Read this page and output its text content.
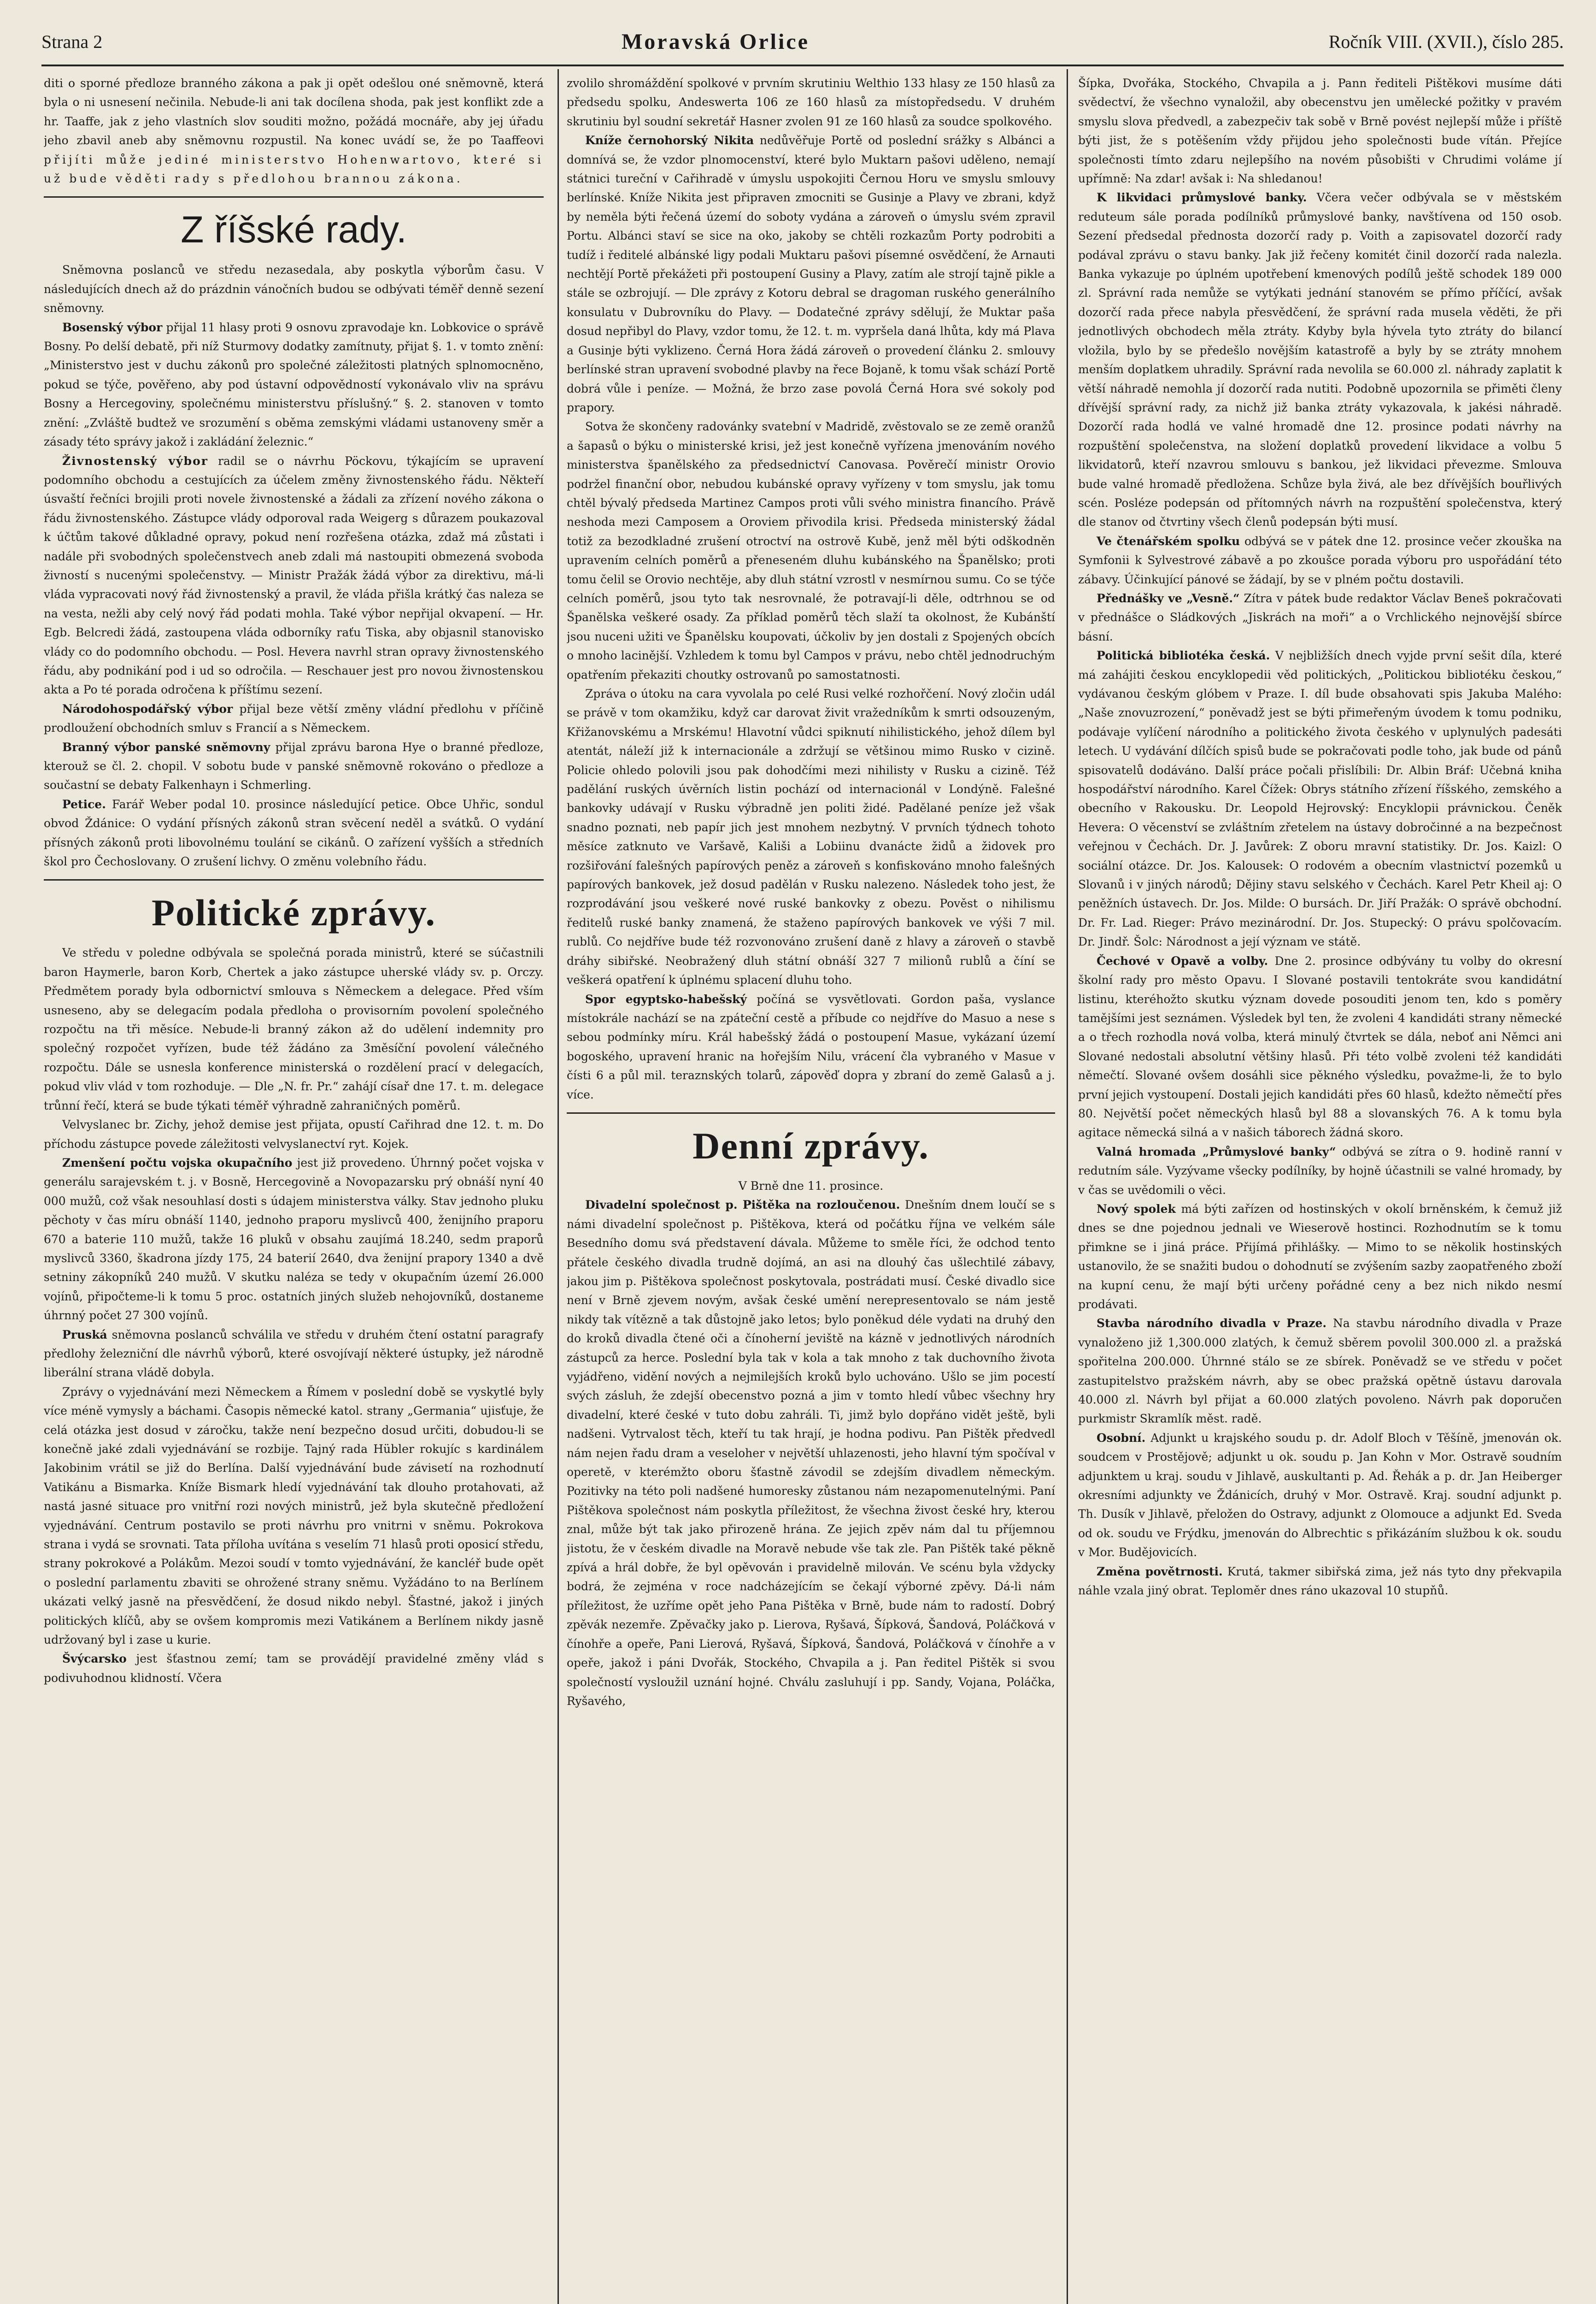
Strana 2	Moravská Orlice	Ročník VIII. (XVII.), číslo 285.

diti o sporné předloze branného zákona a pak ji opět odešlou oné sněmovně, která byla o ni usnesení nečinila. Nebude-li ani tak docílena shoda, pak jest konflikt zde a hr. Taaffe, jak z jeho vlastních slov souditi možno, požádá mocnáře, aby jej úřadu jeho zbavil aneb aby sněmovnu rozpustil. Na konec uvádí se, že po Taaffeovi přijíti může jediné ministerstvo Hohenwartovo, které si už bude věděti rady s předlohou brannou zákona.

Z říšské rady.

Sněmovna poslanců ve středu nezasedala, aby poskytla výborům času. V následujících dnech až do prázdnin vánočních budou se odbývati téměř denně sezení sněmovny.

Bosenský výbor přijal 11 hlasy proti 9 osnovu zpravodaje kn. Lobkovice o správě Bosny. Po delší debatě, při níž Sturmovy dodatky zamítnuty, přijat §. 1. v tomto znění: „Ministerstvo jest v duchu zákonů pro společné záležitosti platných splnomocněno, pokud se týče, pověřeno, aby pod ústavní odpovědností vykonávalo vliv na správu Bosny a Hercegoviny, společnému ministerstvu příslušný.“ §. 2. stanoven v tomto znění: „Zvláště budtež ve srozumění s oběma zemskými vládami ustanoveny směr a zásady této správy jakož i zakládání železnic.“

Živnostenský výbor radil se o návrhu Pöckovu, týkajícím se upravení podomního obchodu a cestujících za účelem změny živnostenského řádu. Někteří úsvaští řečníci brojili proti novele živnostenské a žádali za zřízení nového zákona o řádu živnostenského. Zástupce vlády odporoval rada Weigerg s důrazem poukazoval k účtům takové důkladné opravy, pokud není rozřešena otázka, zdaž má zůstati i nadále při svobodných společenstvech aneb zdali má nastoupiti obmezená svoboda živností s nucenými společenstvy. — Ministr Pražák žádá výbor za direktivu, má-li vláda vypracovati nový řád živnostenský a pravil, že vláda přišla krátký čas naleza se na vesta, nežli aby celý nový řád podati mohla. Také výbor nepřijal okvapení. — Hr. Egb. Belcredi žádá, zastoupena vláda odborníky raťu Tiska, aby objasnil stanovisko vlády co do podomního obchodu. — Posl. Hevera navrhl stran opravy živnostenského řádu, aby podnikání pod i ud so odročila. — Reschauer jest pro novou živnostenskou akta a Po té porada odročena k příštímu sezení.

Národohospodářský výbor přijal beze větší změny vládní předlohu v příčině prodloužení obchodních smluv s Francií a s Německem.

Branný výbor panské sněmovny přijal zprávu barona Hye o branné předloze, kterouž se čl. 2. chopil. V sobotu bude v panské sněmovně rokováno o předloze a součastní se debaty Falkenhayn i Schmerling.

Petice. Farář Weber podal 10. prosince následující petice. Obce Uhřic, sondul obvod Ždánice: O vydání přísných zákonů stran svěcení neděl a svátků. O vydání přísných zákonů proti libovolnému toulání se cikánů. O zařízení vyšších a středních škol pro Čechoslovany. O zrušení lichvy. O změnu volebního řádu.

Politické zprávy.

Ve středu v poledne odbývala se společná porada ministrů, které se súčastnili baron Haymerle, baron Korb, Chertek a jako zástupce uherské vlády sv. p. Orczy. Předmětem porady byla odbornictví smlouva s Německem a delegace. Před vším usneseno, aby se delegacím podala předloha o provisorním povolení společného rozpočtu na tři měsíce. Nebude-li branný zákon až do udělení indemnity pro společný rozpočet vyřízen, bude též žádáno za 3měsíční povolení válečného rozpočtu. Dále se usnesla konference ministerská o rozdělení prací v delegacích, pokud vliv vlád v tom rozhoduje. — Dle „N. fr. Pr.“ zahájí císař dne 17. t. m. delegace trůnní řečí, která se bude týkati téměř výhradně zahraničných poměrů.

Velvyslanec br. Zichy, jehož demise jest přijata, opustí Cařihrad dne 12. t. m. Do příchodu zástupce povede záležitosti velvyslanectví ryt. Kojek.

Zmenšení počtu vojska okupačního jest již provedeno. Úhrnný počet vojska v generálu sarajevském t. j. v Bosně, Hercegovině a Novopazarsku prý obnáší nyní 40 000 mužů, což však nesouhlasí dosti s údajem ministerstva války. Stav jednoho pluku pěchoty v čas míru obnáší 1140, jednoho praporu myslivců 400, ženijního praporu 670 a baterie 110 mužů, takže 16 pluků v obsahu zaujímá 18.240, sedm praporů myslivců 3360, škadrona jízdy 175, 24 baterií 2640, dva ženijní prapory 1340 a dvě setniny zákopníků 240 mužů. V skutku naléza se tedy v okupačním území 26.000 vojínů, připočteme-li k tomu 5 proc. ostatních jiných služeb nehojovníků, dostaneme úhrnný počet 27 300 vojínů.

Pruská sněmovna poslanců schválila ve středu v druhém čtení ostatní paragrafy předlohy železniční dle návrhů výborů, které osvojívají některé ústupky, jež národně liberální strana vládě dobyla.

Zprávy o vyjednávání mezi Německem a Římem v poslední době se vyskytlé byly více méně vymysly a báchami. Časopis německé katol. strany „Germania“ ujisťuje, že celá otázka jest dosud v záročku, takže není bezpečno dosud určiti, dobudou-li se konečně jaké zdali vyjednávání se rozbije. Tajný rada Hübler rokujíc s kardinálem Jakobinim vrátil se již do Berlína. Další vyjednávání bude závisetí na rozhodnutí Vatikánu a Bismarka. Kníže Bismark hledí vyjednávání tak dlouho protahovati, až nastá jasné situace pro vnitřní rozi nových ministrů, jež byla skutečně předložení vyjednávání. Centrum postavilo se proti návrhu pro vnitrni v sněmu. Pokrokova strana i vydá se srovnati. Tata příloha uvítána s veselím 71 hlasů proti oposicí středu, strany pokrokové a Polákům. Mezoi soudí v tomto vyjednávání, že kancléř bude opět o poslední parlamentu zbaviti se ohrožené strany sněmu. Vyžádáno to na Berlínem ukázati velký jasně na přesvědčení, že dosud nikdo nebyl. Šťastné, jakož i jiných politických klíčů, aby se ovšem kompromis mezi Vatikánem a Berlínem nikdy jasně udržovaný byl i zase u kurie.

Švýcarsko jest šťastnou zemí; tam se provádějí pravidelné změny vlád s podivuhodnou klidností. Včera

zvolilo shromáždění spolkové v prvním skrutiniu Welthio 133 hlasy ze 150 hlasů za předsedu spolku, Andeswerta 106 ze 160 hlasů za místopředsedu. V druhém skrutiniu byl soudní sekretář Hasner zvolen 91 ze 160 hlasů za soudce spolkového.

Kníže černohorský Nikita nedůvěřuje Portě od poslední srážky s Albánci a domnívá se, že vzdor plnomocenství, které bylo Muktarn pašovi uděleno, nemají státnici tureční v Cařihradě v úmyslu uspokojiti Černou Horu ve smyslu smlouvy berlínské. Kníže Nikita jest připraven zmocniti se Gusinje a Plavy ve zbrani, když by neměla býti řečená území do soboty vydána a zároveň o úmyslu svém zpravil Portu. Albánci staví se sice na oko, jakoby se chtěli rozkazům Porty podrobiti a tudíž i ředitelé albánské ligy podali Muktaru pašovi písemné osvědčení, že Arnauti nechtějí Portě překážeti při postoupení Gusiny a Plavy, zatím ale strojí tajně pikle a stále se ozbrojují. — Dle zprávy z Kotoru debral se dragoman ruského generálního konsulatu v Dubrovníku do Plavy. — Dodatečné zprávy sdělují, že Muktar paša dosud nepřibyl do Plavy, vzdor tomu, že 12. t. m. vypršela daná lhůta, kdy má Plava a Gusinje býti vyklizeno. Černá Hora žádá zároveň o provedení článku 2. smlouvy berlínské stran upravení svobodné plavby na řece Bojaně, k tomu však schází Portě dobrá vůle i peníze. — Možná, že brzo zase povolá Černá Hora své sokoly pod prapory.

Sotva že skončeny radovánky svatební v Madridě, zvěstovalo se ze země oranžů a šapasů o býku o ministerské krisi, jež jest konečně vyřízena jmenováním nového ministerstva španělského za předsednictví Canovasa. Pověrečí ministr Orovio podržel finanční obor, nebudou kubánské opravy vyřízeny v tom smyslu, jak tomu chtěl bývalý předseda Martinez Campos proti vůli svého ministra financího. Právě neshoda mezi Camposem a Oroviem přivodila krisi. Předseda ministerský žádal totiž za bezodkladné zrušení otroctví na ostrově Kubě, jenž měl býti odškodněn upravením celních poměrů a přeneseném dluhu kubánského na Španělsko; proti tomu čelil se Orovio nechtěje, aby dluh státní vzrostl v nesmírnou sumu. Co se týče celních poměrů, jsou tyto tak nesrovnalé, že potravají-li děle, odtrhnou se od Španělska veškeré osady. Za příklad poměrů těch slaží ta okolnost, že Kubánští jsou nuceni užiti ve Španělsku koupovati, účkoliv by jen dostali z Spojených obcích o mnoho lacinější. Vzhledem k tomu byl Campos v právu, nebo chtěl jednodruchým opatřením překaziti choutky ostrovanů po samostatnosti.

Zpráva o útoku na cara vyvolala po celé Rusi velké rozhořčení. Nový zločin udál se právě v tom okamžiku, když car darovat živit vražedníkům k smrti odsouzeným, Křižanovskému a Mrskému! Hlavotní vůdci spiknutí nihilistického, jehož dílem byl atentát, náleží již k internacionále a zdržují se většinou mimo Rusko v cizině. Policie ohledo polovili jsou pak dohodčími mezi nihilisty v Rusku a cizině. Též padělání ruských úvěrních listin pochází od internacionál v Londýně. Falešné bankovky udávají v Rusku výbradně jen politi židé. Padělané peníze jež však snadno poznati, neb papír jich jest mnohem nezbytný. V prvních týdnech tohoto měsíce zatknuto ve Varšavě, Kališi a Lobiinu dvanácte židů a židovek pro rozšiřování falešných papírových peněz a zároveň s konfiskováno mnoho falešných papírových bankovek, jež dosud padělán v Rusku nalezeno. Následek toho jest, že rozprodávání jsou veškeré nové ruské bankovky z obezu. Pověst o nihilismu ředitelů ruské banky znamená, že staženo papírových bankovek ve výši 7 mil. rublů. Co nejdříve bude též rozvonováno zrušení daně z hlavy a zároveň o stavbě dráhy sibiřské. Neobražený dluh státní obnáší 327 7 milionů rublů a číní se veškerá opatření k úplnému splacení dluhu toho.

Spor egyptsko-habešský počíná se vysvětlovati. Gordon paša, vyslance místokrále nachází se na zpáteční cestě a příbude co nejdříve do Masuo a nese s sebou podmínky míru. Král habešský žádá o postoupení Masue, vykázaní území bogoského, upravení hranic na hořejším Nilu, vrácení čla vybraného v Masue v čísti 6 a půl mil. teraznských tolarů, zápověď dopra y zbraní do země Galasů a j. více.

Denní zprávy.

V Brně dne 11. prosince.

Divadelní společnost p. Pištěka na rozloučenou. Dnešním dnem loučí se s námi divadelní společnost p. Pištěkova, která od počátku října ve velkém sále Besedního domu svá představení dávala. Můžeme to směle říci, že odchod tento přátele českého divadla trudně dojímá, an asi na dlouhý čas ušlechtilé zábavy, jakou jim p. Pištěkova společnost poskytovala, postrádati musí. České divadlo sice není v Brně zjevem novým, avšak české umění nerepresentovalo se nám jestě nikdy tak vítězně a tak důstojně jako letos; bylo poněkud déle vydati na druhý den do kroků divadla čtené oči a čínoherní jeviště na kázně v jednotlivých národních zástupců za herce. Poslední byla tak v kola a tak mnoho z tak duchovního života vyjádřeno, vidění nových a nejmilejších kroků bylo uchováno. Ušlo se jim pocestí svých zásluh, že zdejší obecenstvo pozná a jim v tomto hledí vůbec všechny hry divadelní, které české v tuto dobu zahráli. Ti, jimž bylo dopřáno vidět ještě, byli nadšeni. Vytrvalost těch, kteří tu tak hrají, je hodna podivu. Pan Pištěk předvedl nám nejen řadu dram a veseloher v největší uhlazenosti, jeho hlavní tým spočíval v operetě, v kterémžto oboru šťastně závodil se zdejším divadlem německým. Pozitivky na této poli nadšené humoresky zůstanou nám nezapomenutelnými. Paní Pištěkova společnost nám poskytla příležitost, že všechna živost české hry, kterou znal, může být tak jako přirozeně hrána. Ze jejich zpěv nám dal tu příjemnou jistotu, že v českém divadle na Moravě nebude vše tak zle. Pan Pištěk také pěkně zpívá a hrál dobře, že byl opěvován i pravidelně milován. Ve scénu byla vždycky bodrá, že zejména v roce nadcházejícím se čekají výborné zpěvy. Dá-li nám příležitost, že uzříme opět jeho Pana Pištěka v Brně, bude nám to radostí. Dobrý zpěvák nezemře. Zpěvačky jako p. Lierova, Ryšavá, Šípková, Šandová, Poláčková v čínohře a opeře, Pani Lierová, Ryšavá, Šípková, Šandová, Poláčková v čínohře a v opeře, jakož i páni Dvořák, Stockého, Chvapila a j. Pan ředitel Pištěk si svou společností vysloužil uznání hojné. Chválu zasluhují i pp. Sandy, Vojana, Poláčka, Ryšavého,

Šípka, Dvořáka, Stockého, Chvapila a j. Pann řediteli Pištěkovi musíme dáti svědectví, že všechno vynaložil, aby obecenstvu jen umělecké požitky v pravém smyslu slova předvedl, a zabezpečiv tak sobě v Brně povést nejlepší může i příště býti jist, že s potěšením vždy přijdou jeho společnosti bude vítán. Přejíce společnosti tímto zdaru nejlepšího na novém působišti v Chrudimi voláme jí upřímně: Na zdar! avšak i: Na shledanou!

K likvidaci průmyslové banky. Včera večer odbývala se v městském reduteum sále porada podílníků průmyslové banky, navštívena od 150 osob. Sezení předsedal přednosta dozorčí rady p. Voith a zapisovatel dozorčí rady podával zprávu o stavu banky. Jak již řečeny komitét činil dozorčí rada nalezla. Banka vykazuje po úplném upotřebení kmenových podílů ještě schodek 189 000 zl. Správní rada nemůže se vytýkati jednání stanovém se přímo příčící, avšak dozorčí rada přece nabyla přesvědčení, že správní rada musela věděti, že při jednotlivých obchodech měla ztráty. Kdyby byla hývela tyto ztráty do bilancí vložila, bylo by se předešlo novějším katastrofě a byly by se ztráty mnohem menším doplatkem uhradily. Správní rada nevolila se 60.000 zl. náhrady zaplatit k větší náhradě nemohla jí dozorčí rada nutiti. Podobně upozornila se přiměti členy dřívější správní rady, za nichž již banka ztráty vykazovala, k jakési náhradě. Dozorčí rada hodlá ve valné hromadě dne 12. prosince podati návrhy na rozpuštění společenstva, na složení doplatků provedení likvidace a volbu 5 likvidatorů, kteří nzavrou smlouvu s bankou, jež likvidaci převezme. Smlouva bude valné hromadě předložena. Schůze byla živá, ale bez dřívějších bouřlivých scén. Posléze podepsán od přítomných návrh na rozpuštění společenstva, který dle stanov od čtvrtiny všech členů podepsán býti musí.

Ve čtenářském spolku odbývá se v pátek dne 12. prosince večer zkouška na Symfonii k Sylvestrové zábavě a po zkoušce porada výboru pro uspořádání této zábavy. Účinkující pánové se žádají, by se v plném počtu dostavili.

Přednášky ve „Vesně.“ Zítra v pátek bude redaktor Václav Beneš pokračovati v přednášce o Sládkových „Jiskrách na moři“ a o Vrchlického nejnovější sbírce básní.

Politická bibliotéka česká. V nejbližších dnech vyjde první sešit díla, které má zahájiti českou encyklopedii věd politických, „Politickou bibliotéku českou,“ vydávanou českým glóbem v Praze. I. díl bude obsahovati spis Jakuba Malého: „Naše znovuzrození,“ poněvadž jest se býti přimeřeným úvodem k tomu podniku, podávaje vylíčení národního a politického života českého v uplynulých padesáti letech. U vydávání dílčích spisů bude se pokračovati podle toho, jak bude od pánů spisovatelů dodáváno. Další práce počali přislíbili: Dr. Albin Bráf: Učebná kniha hospodářství národního. Karel Čížek: Obrys státního zřízení říšského, zemského a obecního v Rakousku. Dr. Leopold Hejrovský: Encyklopii právnickou. Čeněk Hevera: O věcenství se zvláštním zřetelem na ústavy dobročinné a na bezpečnost veřejnou v Čechách. Dr. J. Javůrek: Z oboru mravní statistiky. Dr. Jos. Kaizl: O sociální otázce. Dr. Jos. Kalousek: O rodovém a obecním vlastnictví pozemků u Slovanů i v jiných národů; Dějiny stavu selského v Čechách. Karel Petr Kheil aj: O peněžních ústavech. Dr. Jos. Milde: O bursách. Dr. Jiří Pražák: O správě obchodní. Dr. Fr. Lad. Rieger: Právo mezinárodní. Dr. Jos. Stupecký: O právu spolčovacím. Dr. Jindř. Šolc: Národnost a její význam ve státě.

Čechové v Opavě a volby. Dne 2. prosince odbývány tu volby do okresní školní rady pro město Opavu. I Slované postavili tentokráte svou kandidátní listinu, kteréhožto skutku význam dovede posouditi jenom ten, kdo s poměry tamějšími jest seznámen. Výsledek byl ten, že zvoleni 4 kandidáti strany německé a o třech rozhodla nová volba, která minulý čtvrtek se dála, neboť ani Němci ani Slované nedostali absolutní většiny hlasů. Při této volbě zvoleni též kandidáti němečtí. Slované ovšem dosáhli sice pěkného výsledku, považme-li, že to bylo první jejich vystoupení. Dostali jejich kandidáti přes 60 hlasů, kdežto němečtí přes 80. Největší počet německých hlasů byl 88 a slovanských 76. A k tomu byla agitace německá silná a v našich táborech žádná skoro.

Valná hromada „Průmyslové banky“ odbývá se zítra o 9. hodině ranní v redutním sále. Vyzývame všecky podílníky, by hojně účastnili se valné hromady, by v čas se uvědomili o věci.

Nový spolek má býti zařízen od hostinských v okolí brněnském, k čemuž již dnes se dne pojednou jednali ve Wieserově hostinci. Rozhodnutím se k tomu přimkne se i jiná práce. Přijímá přihlášky. — Mimo to se několik hostinských ustanovilo, že se snažiti budou o dohodnutí se zvýšením sazby zaopatřeného zboží na kupní cenu, že mají býti určeny pořádné ceny a bez nich nikdo nesmí prodávati.

Stavba národního divadla v Praze. Na stavbu národního divadla v Praze vynaloženo již 1,300.000 zlatých, k čemuž sběrem povolil 300.000 zl. a pražská spořitelna 200.000. Úhrnné stálo se ze sbírek. Poněvadž se ve středu v počet zastupitelstvo pražském návrh, aby se obec pražská opětně ústavu darovala 40.000 zl. Návrh byl přijat a 60.000 zlatých povoleno. Návrh pak doporučen purkmistr Skramlík měst. radě.

Osobní. Adjunkt u krajského soudu p. dr. Adolf Bloch v Těšíně, jmenován ok. soudcem v Prostějově; adjunkt u ok. soudu p. Jan Kohn v Mor. Ostravě soudním adjunktem u kraj. soudu v Jihlavě, auskultanti p. Ad. Řehák a p. dr. Jan Heiberger okresními adjunkty ve Ždánicích, druhý v Mor. Ostravě. Kraj. soudní adjunkt p. Th. Dusík v Jihlavě, přeložen do Ostravy, adjunkt z Olomouce a adjunkt Ed. Sveda od ok. soudu ve Frýdku, jmenován do Albrechtic s přikázáním službou k ok. soudu v Mor. Budějovicích.

Změna povětrnosti. Krutá, takmer sibiřská zima, jež nás tyto dny překvapila náhle vzala jiný obrat. Teploměr dnes ráno ukazoval 10 stupňů.
